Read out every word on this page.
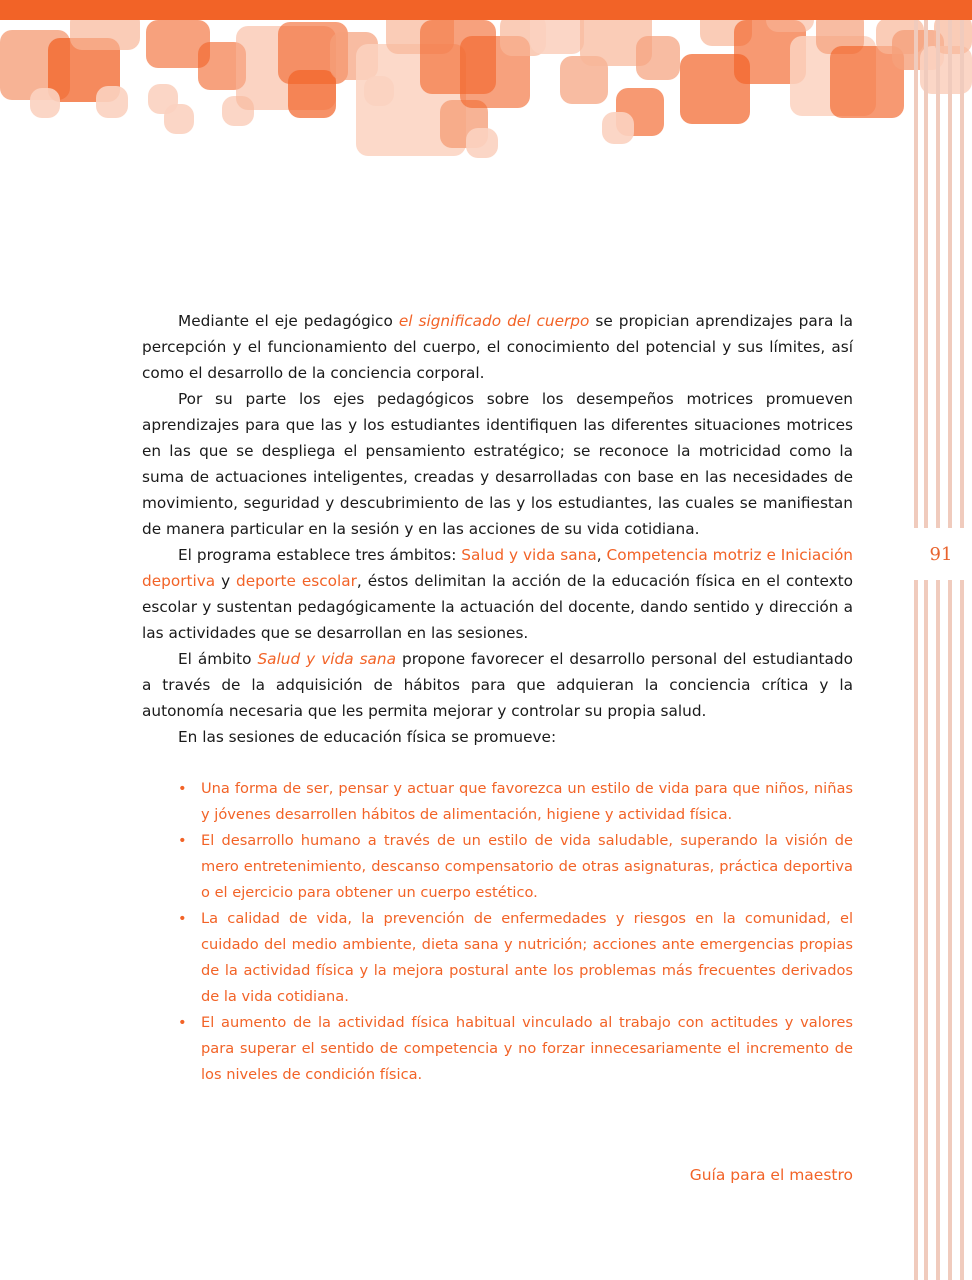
91

Mediante el eje pedagógico el significado del cuerpo se propician aprendizajes para la percepción y el funcionamiento del cuerpo, el conocimiento del potencial y sus límites, así como el desarrollo de la conciencia corporal.

Por su parte los ejes pedagógicos sobre los desempeños motrices promueven aprendizajes para que las y los estudiantes identifiquen las diferentes situaciones motrices en las que se despliega el pensamiento estratégico; se reconoce la motricidad como la suma de actuaciones inteligentes, creadas y desarrolladas con base en las necesidades de movimiento, seguridad y descubrimiento de las y los estudiantes, las cuales se manifiestan de manera particular en la sesión y en las acciones de su vida cotidiana.

El programa establece tres ámbitos: Salud y vida sana, Competencia motriz e Iniciación deportiva y deporte escolar, éstos delimitan la acción de la educación física en el contexto escolar y sustentan pedagógicamente la actuación del docente, dando sentido y dirección a las actividades que se desarrollan en las sesiones.

El ámbito Salud y vida sana propone favorecer el desarrollo personal del estudiantado a través de la adquisición de hábitos para que adquieran la conciencia crítica y la autonomía necesaria que les permita mejorar y controlar su propia salud.

En las sesiones de educación física se promueve:

• Una forma de ser, pensar y actuar que favorezca un estilo de vida para que niños, niñas y jóvenes desarrollen hábitos de alimentación, higiene y actividad física.
• El desarrollo humano a través de un estilo de vida saludable, superando la visión de mero entretenimiento, descanso compensatorio de otras asignaturas, práctica deportiva o el ejercicio para obtener un cuerpo estético.
• La calidad de vida, la prevención de enfermedades y riesgos en la comunidad, el cuidado del medio ambiente, dieta sana y nutrición; acciones ante emergencias propias de la actividad física y la mejora postural ante los problemas más frecuentes derivados de la vida cotidiana.
• El aumento de la actividad física habitual vinculado al trabajo con actitudes y valores para superar el sentido de competencia y no forzar innecesariamente el incremento de los niveles de condición física.
Guía para el maestro
